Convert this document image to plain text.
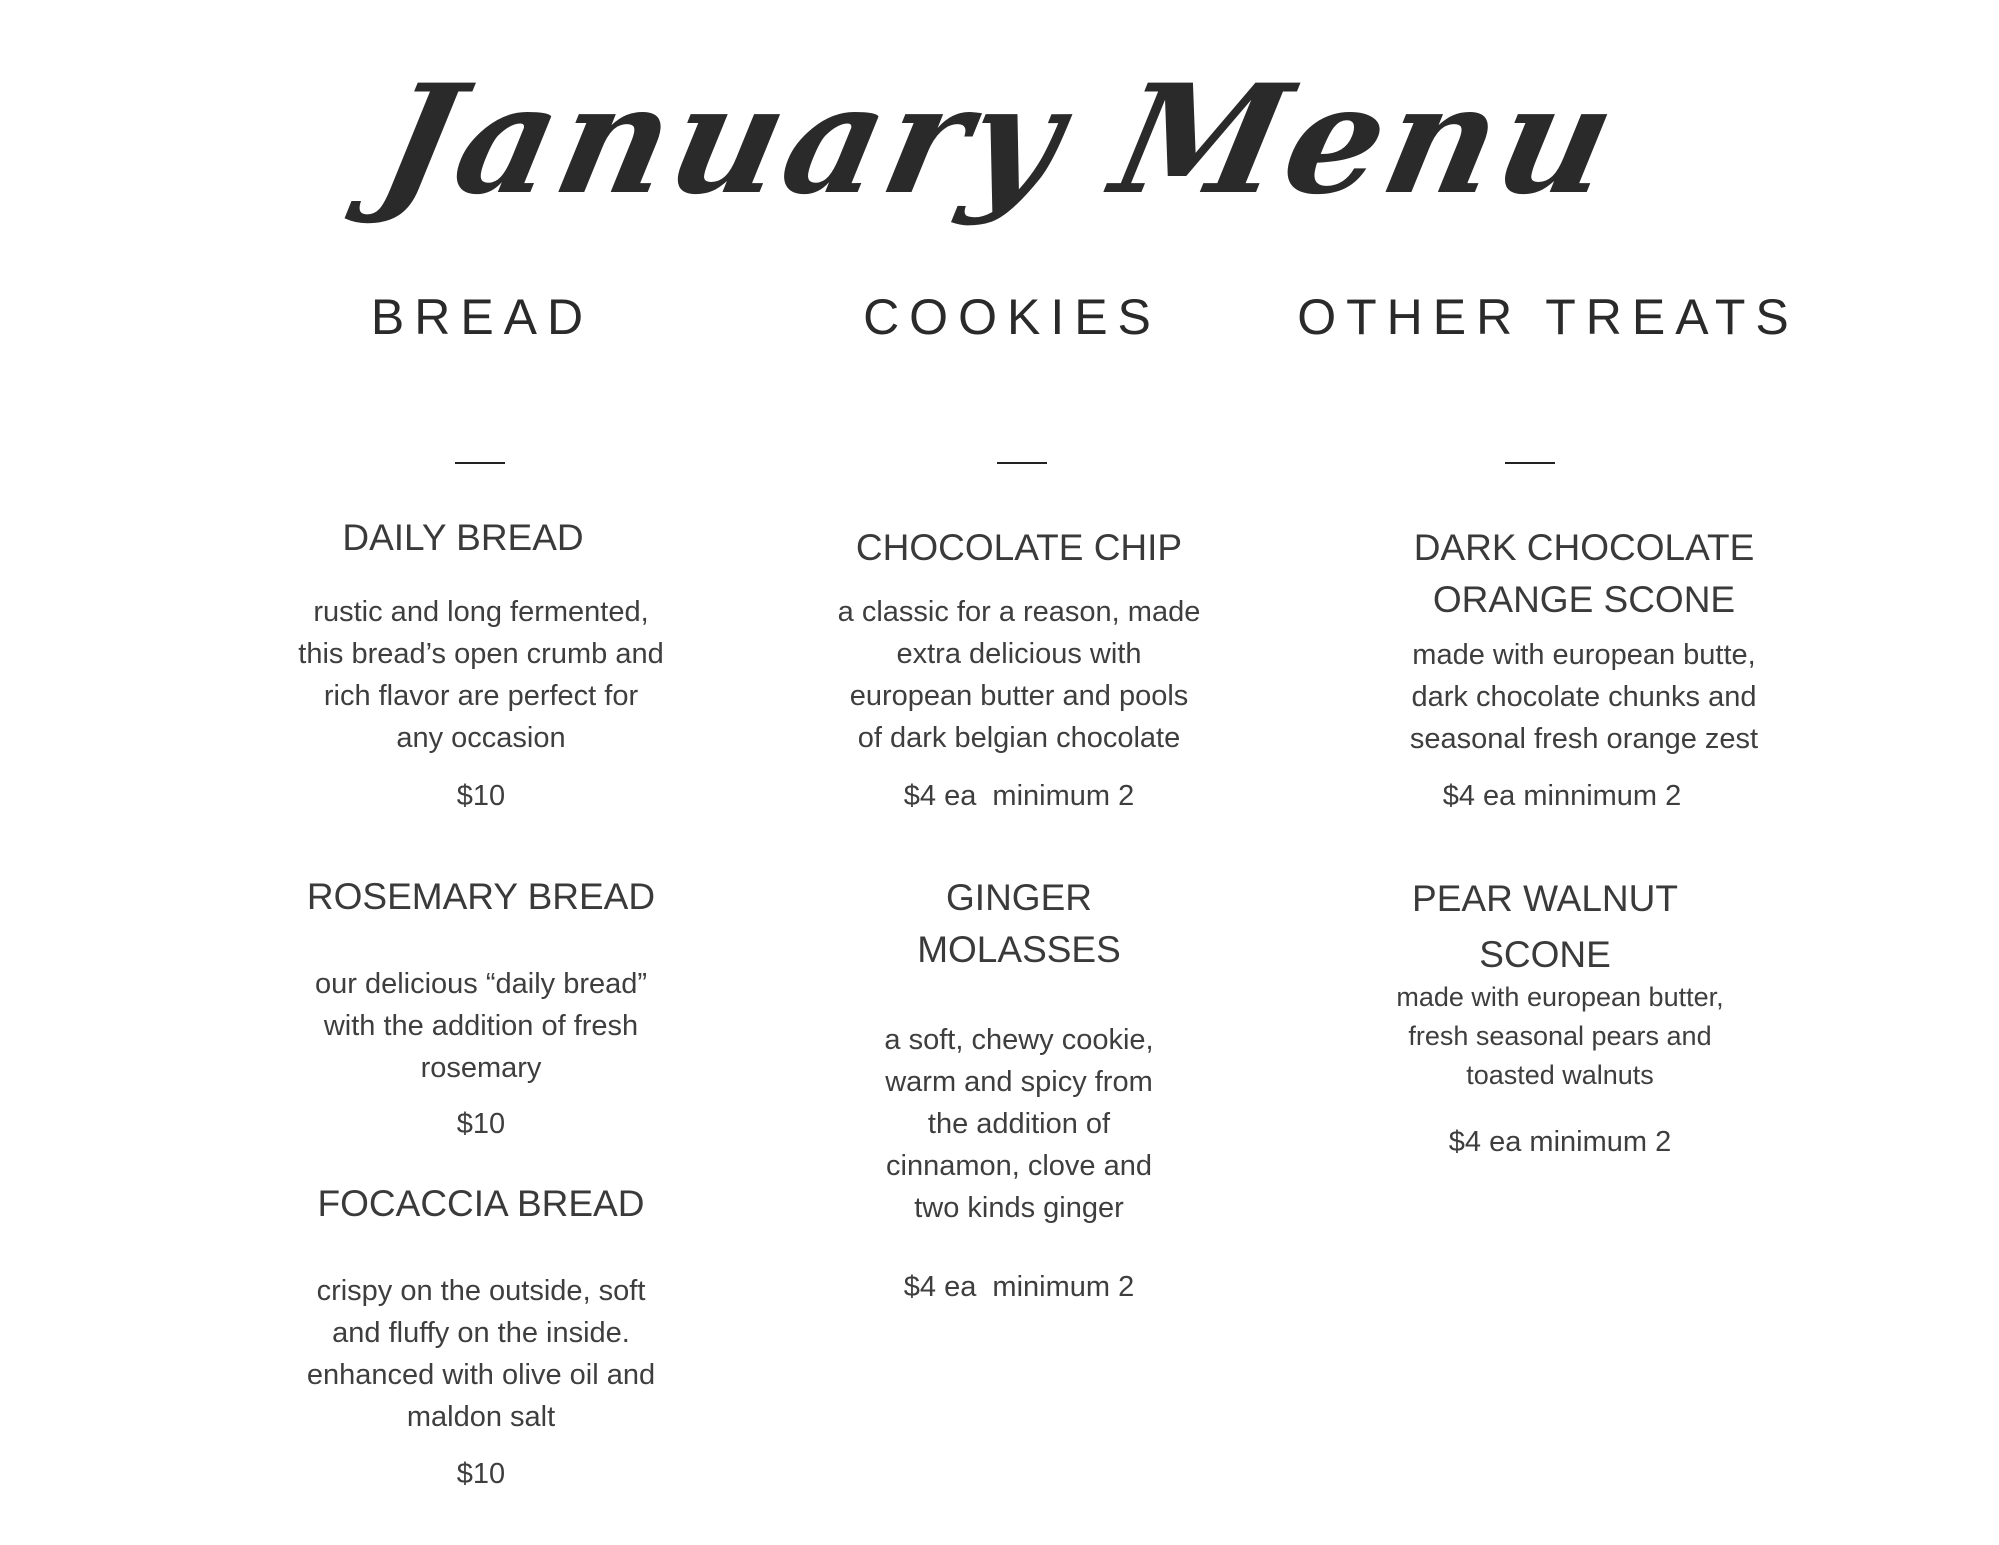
January Menu
BREAD	COOKIES	OTHER TREATS
DAILY BREAD
rustic and long fermented,
this bread’s open crumb and
rich flavor are perfect for
any occasion
$10
ROSEMARY BREAD
our delicious “daily bread”
with the addition of fresh
rosemary
$10
FOCACCIA BREAD
crispy on the outside, soft
and fluffy on the inside.
enhanced with olive oil and
maldon salt
$10
CHOCOLATE CHIP
a classic for a reason, made
extra delicious with
european butter and pools
of dark belgian chocolate
$4 ea  minimum 2
GINGER
MOLASSES
a soft, chewy cookie,
warm and spicy from
the addition of
cinnamon, clove and
two kinds ginger
$4 ea  minimum 2
DARK CHOCOLATE
ORANGE SCONE
made with european butte,
dark chocolate chunks and
seasonal fresh orange zest
$4 ea minnimum 2
PEAR WALNUT
SCONE
made with european butter,
fresh seasonal pears and
toasted walnuts
$4 ea minimum 2
